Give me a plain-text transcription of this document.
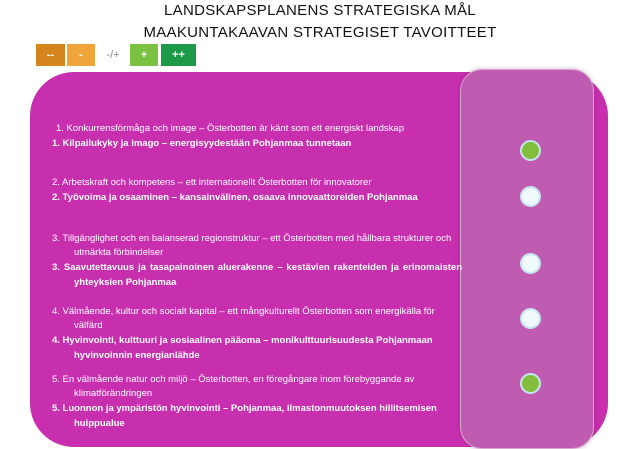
LANDSKAPSPLANENS STRATEGISKA MÅL
MAAKUNTAKAAVAN STRATEGISET TAVOITTEET
--	-	-/+	+	++
1. Konkurrensförmåga och image – Österbotten är känt som ett energiskt landskap
1. Kilpailukyky ja imago – energisyydestään Pohjanmaa tunnetaan
2. Arbetskraft och kompetens – ett internationellt Österbotten för innovatorer
2. Työvoima ja osaaminen – kansainvälinen, osaava innovaattoreiden Pohjanmaa
3. Tillgänglighet och en balanserad regionstruktur – ett Österbotten med hållbara strukturer och utmärkta förbindelser
3. Saavutettavuus ja tasapainoinen aluerakenne – kestävien rakenteiden ja erinomaisten yhteyksien Pohjanmaa
4. Välmående, kultur och socialt kapital – ett mångkulturellt Österbotten som energikälla för välfärd
4. Hyvinvointi, kulttuuri ja sosiaalinen pääoma – monikulttuurisuudesta Pohjanmaan hyvinvoinnin energianlähde
5. En välmående natur och miljö – Österbotten, en föregångare inom förebyggande av klimatförändringen
5. Luonnon ja ympäristön hyvinvointi – Pohjanmaa, ilmastonmuutoksen hillitsemisen huippualue
